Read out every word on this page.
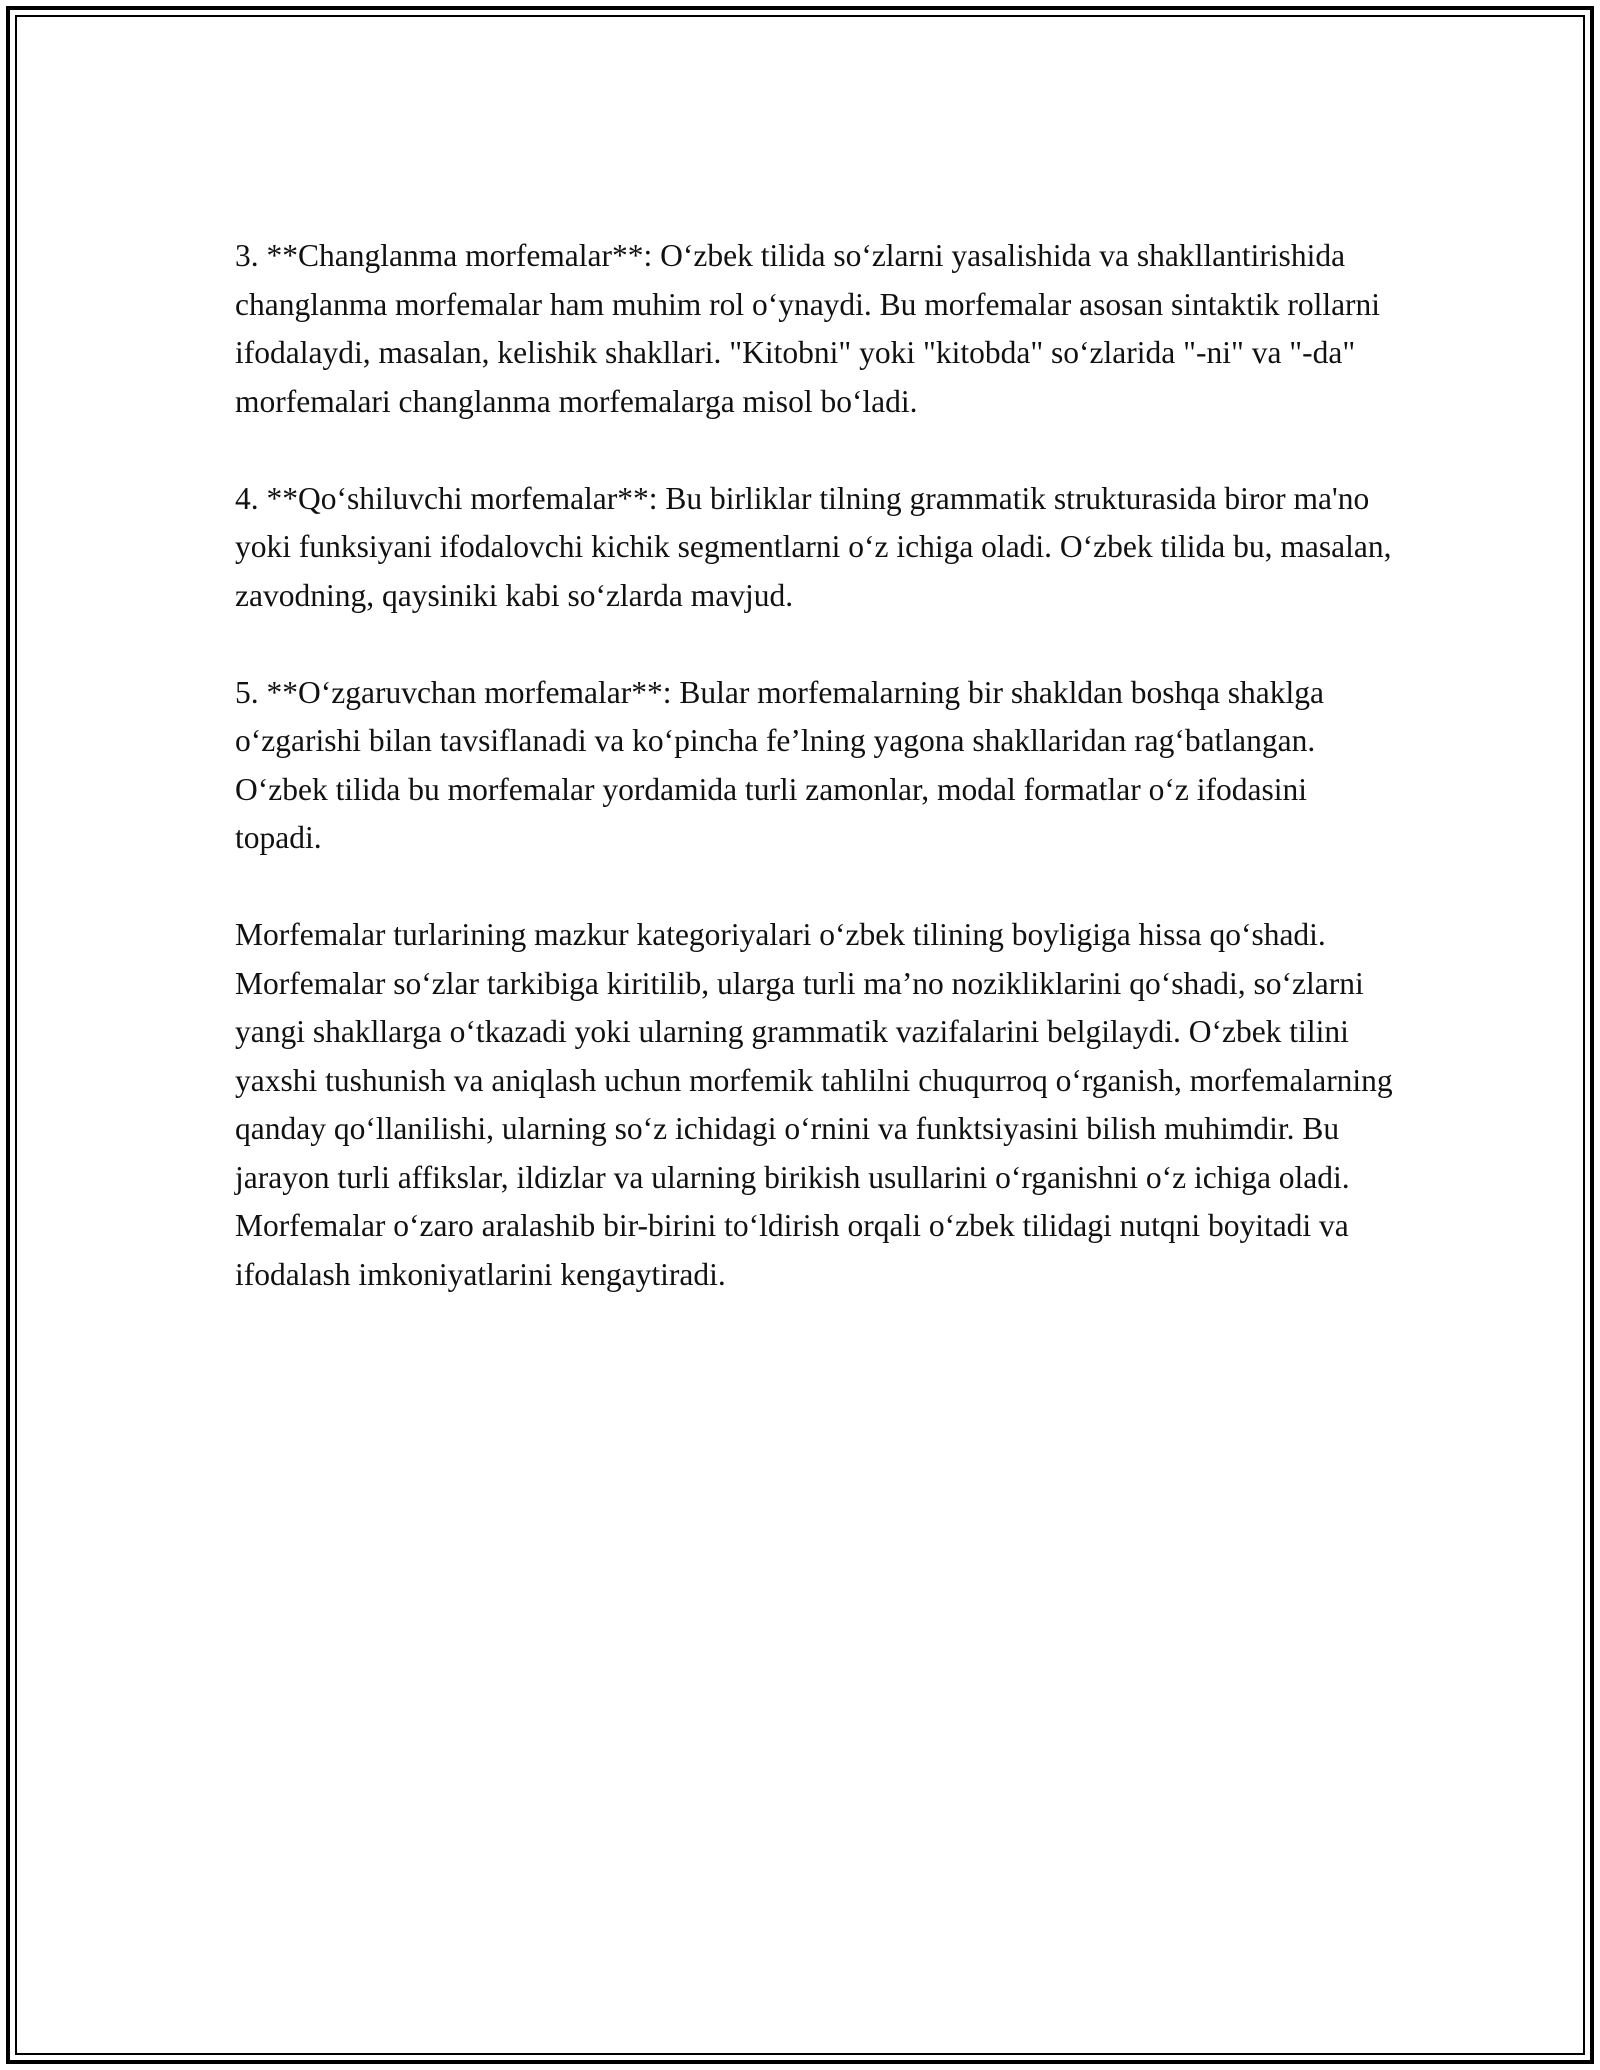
3. **Changlanma morfemalar**: O‘zbek tilida so‘zlarni yasalishida va shakllantirishida changlanma morfemalar ham muhim rol o‘ynaydi. Bu morfemalar asosan sintaktik rollarni ifodalaydi, masalan, kelishik shakllari. "Kitobni" yoki "kitobda" so‘zlarida "-ni" va "-da" morfemalari changlanma morfemalarga misol bo‘ladi.

4. **Qo‘shiluvchi morfemalar**: Bu birliklar tilning grammatik strukturasida biror ma'no yoki funksiyani ifodalovchi kichik segmentlarni o‘z ichiga oladi. O‘zbek tilida bu, masalan, zavodning, qaysiniki kabi so‘zlarda mavjud.

5. **O‘zgaruvchan morfemalar**: Bular morfemalarning bir shakldan boshqa shaklga o‘zgarishi bilan tavsiflanadi va ko‘pincha fe’lning yagona shakllaridan rag‘batlangan. O‘zbek tilida bu morfemalar yordamida turli zamonlar, modal formatlar o‘z ifodasini topadi.

Morfemalar turlarining mazkur kategoriyalari o‘zbek tilining boyligiga hissa qo‘shadi. Morfemalar so‘zlar tarkibiga kiritilib, ularga turli ma’no nozikliklarini qo‘shadi, so‘zlarni yangi shakllarga o‘tkazadi yoki ularning grammatik vazifalarini belgilaydi. O‘zbek tilini yaxshi tushunish va aniqlash uchun morfemik tahlilni chuqurroq o‘rganish, morfemalarning qanday qo‘llanilishi, ularning so‘z ichidagi o‘rnini va funktsiyasini bilish muhimdir. Bu jarayon turli affikslar, ildizlar va ularning birikish usullarini o‘rganishni o‘z ichiga oladi. Morfemalar o‘zaro aralashib bir-birini to‘ldirish orqali o‘zbek tilidagi nutqni boyitadi va ifodalash imkoniyatlarini kengaytiradi.
